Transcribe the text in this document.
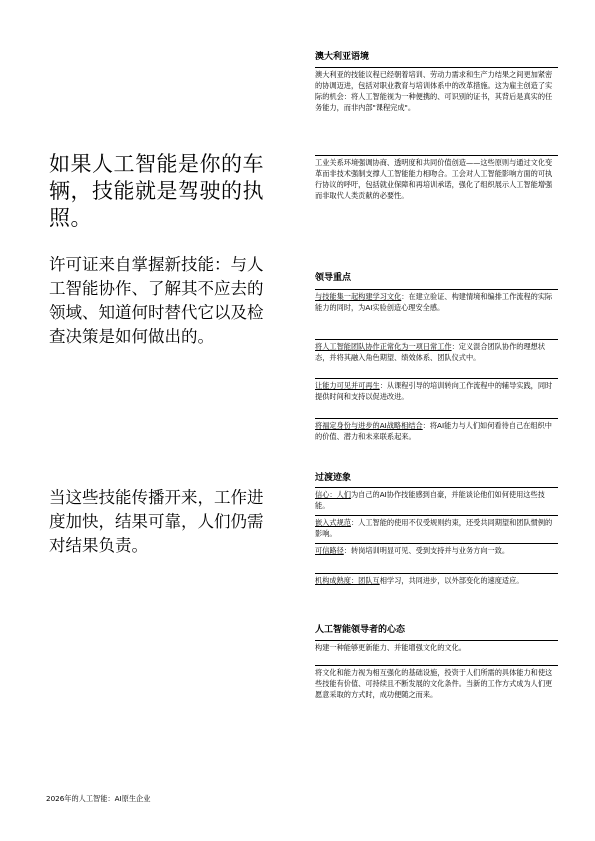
如果人工智能是你的车辆，技能就是驾驶的执照。

许可证来自掌握新技能：与人工智能协作、了解其不应去的领域、知道何时替代它以及检查决策是如何做出的。

当这些技能传播开来，工作进度加快，结果可靠，人们仍需对结果负责。

澳大利亚语境

澳大利亚的技能议程已经朝着培训、劳动力需求和生产力结果之间更加紧密的协调迈进，包括对职业教育与培训体系中的改革措施。这为雇主创造了实际的机会：将人工智能视为一种便携的、可识别的证书，其背后是真实的任务能力，而非内部"课程完成"。

工业关系环境强调协商、透明度和共同价值创造——这些原则与通过文化变革而非技术强制支撑人工智能能力相吻合。工会对人工智能影响方面的可执行协议的呼吁，包括就业保障和再培训承诺，强化了组织展示人工智能增强而非取代人类贡献的必要性。

领导重点

与技能集一起构建学习文化：在建立验证、构建情境和编排工作流程的实际能力的同时，为AI实验创造心理安全感。

将人工智能团队协作正常化为一项日常工作：定义混合团队协作的理想状态，并将其融入角色期望、绩效体系、团队仪式中。

让能力可见并可再生：从课程引导的培训转向工作流程中的辅导实践，同时提供时间和支持以促进改进。

将福定身份与进步的AI战略相结合：将AI能力与人们如何看待自己在组织中的价值、潜力和未来联系起来。

过渡迹象

信心：人们为自己的AI协作技能感到自豪，并能谈论他们如何使用这些技能。

嵌入式规范：人工智能的使用不仅受规则约束，还受共同期望和团队惯例的影响。

可信路径：转岗培训明显可见、受到支持并与业务方向一致。

机构成熟度：团队互相学习，共同进步，以外部变化的速度适应。

人工智能领导者的心态

构建一种能够更新能力、并能增强文化的文化。

将文化和能力视为相互强化的基础设施，投资于人们所需的具体能力和使这些技能有价值、可持续且不断发展的文化条件。当新的工作方式成为人们更愿意采取的方式时，成功便随之而来。

2026年的人工智能：AI原生企业
